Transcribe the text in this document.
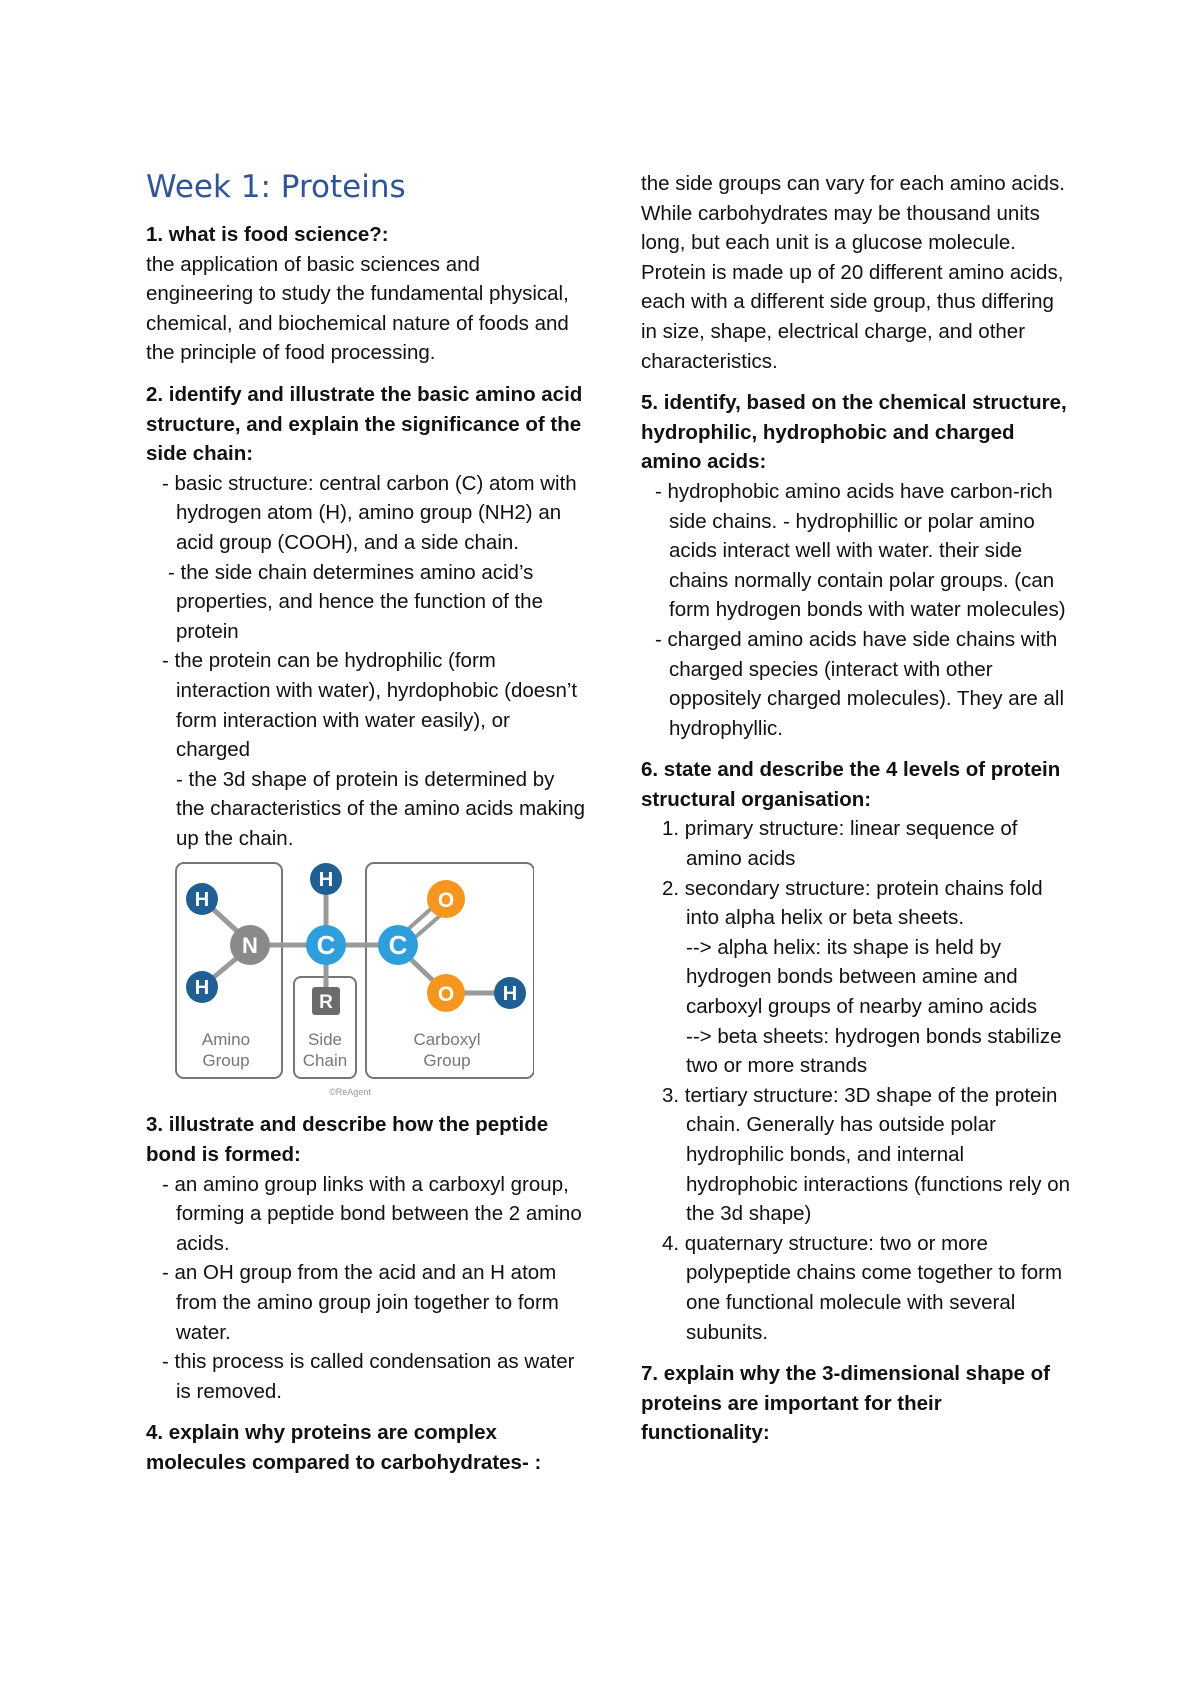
Week 1: Proteins
1. what is food science?:

the application of basic sciences and engineering to study the fundamental physical, chemical, and biochemical nature of foods and the principle of food processing.

2. identify and illustrate the basic amino acid structure, and explain the significance of the side chain:

- basic structure: central carbon (C) atom with hydrogen atom (H), amino group (NH2) an acid group (COOH), and a side chain.
- the side chain determines amino acid’s properties, and hence the function of the protein
- the protein can be hydrophilic (form interaction with water), hyrdophobic (doesn’t form interaction with water easily), or charged
- the 3d shape of protein is determined by the characteristics of the amino acids making up the chain.
H
H
N
H
C
R
C
O
O H
Amino
Group
Side
Chain
Carboxyl
Group
©ReAgent

3. illustrate and describe how the peptide bond is formed:

- an amino group links with a carboxyl group, forming a peptide bond between the 2 amino acids.
- an OH group from the acid and an H atom from the amino group join together to form water.
- this process is called condensation as water is removed.

4. explain why proteins are complex molecules compared to carbohydrates- :

the side groups can vary for each amino acids. While carbohydrates may be thousand units long, but each unit is a glucose molecule. Protein is made up of 20 different amino acids, each with a different side group, thus differing in size, shape, electrical charge, and other characteristics.

5. identify, based on the chemical structure, hydrophilic, hydrophobic and charged amino acids:

- hydrophobic amino acids have carbon-rich side chains. - hydrophillic or polar amino acids interact well with water. their side chains normally contain polar groups. (can form hydrogen bonds with water molecules)
- charged amino acids have side chains with charged species (interact with other oppositely charged molecules). They are all hydrophyllic.

6. state and describe the 4 levels of protein structural organisation:

1. primary structure: linear sequence of amino acids
2. secondary structure: protein chains fold into alpha helix or beta sheets.
--> alpha helix: its shape is held by hydrogen bonds between amine and carboxyl groups of nearby amino acids
--> beta sheets: hydrogen bonds stabilize two or more strands
3. tertiary structure: 3D shape of the protein chain. Generally has outside polar hydrophilic bonds, and internal hydrophobic interactions (functions rely on the 3d shape)
4. quaternary structure: two or more polypeptide chains come together to form one functional molecule with several subunits.

7. explain why the 3-dimensional shape of proteins are important for their functionality:
